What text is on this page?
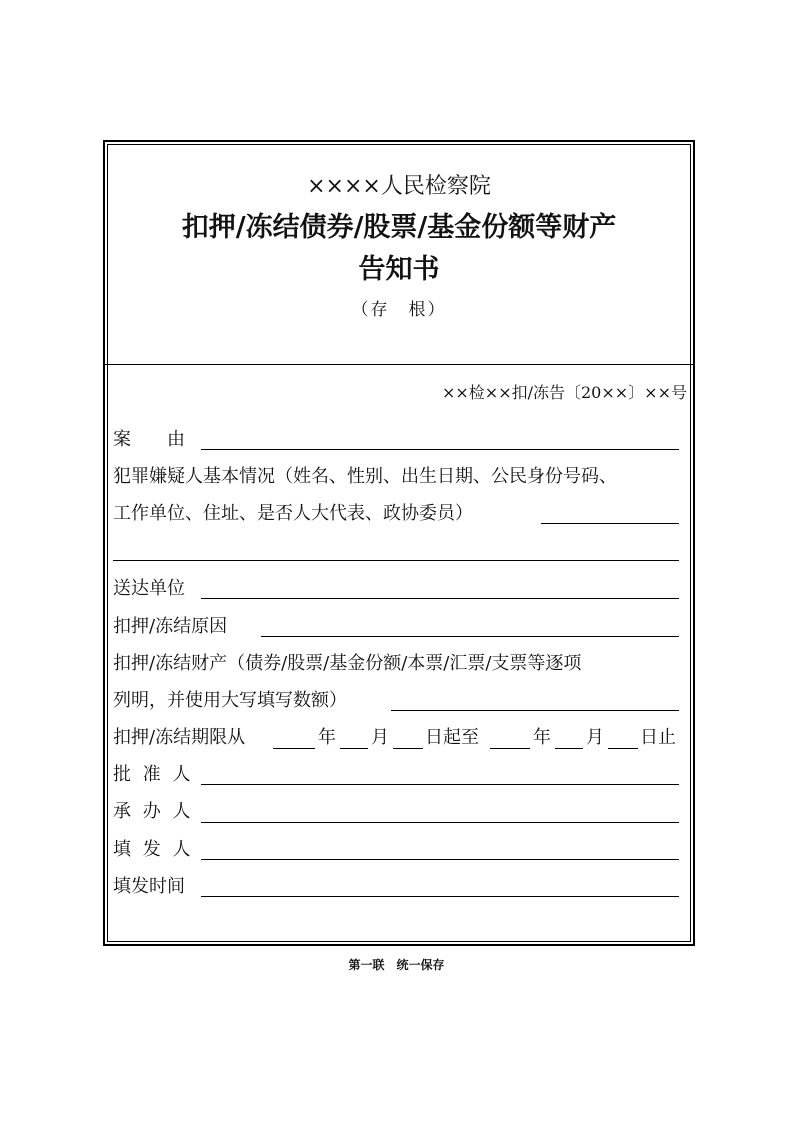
××××人民检察院
扣押/冻结债券/股票/基金份额等财产
告知书
（存　根）
××检××扣/冻告〔20××〕××号
案　　由
犯罪嫌疑人基本情况（姓名、性别、出生日期、公民身份号码、
工作单位、住址、是否人大代表、政协委员）
送达单位
扣押/冻结原因
扣押/冻结财产（债券/股票/基金份额/本票/汇票/支票等逐项
列明，并使用大写填写数额）
扣押/冻结期限从	年 月 日起至	年 月 日止
批 准 人
承 办 人
填 发 人
填发时间
第一联　统一保存
